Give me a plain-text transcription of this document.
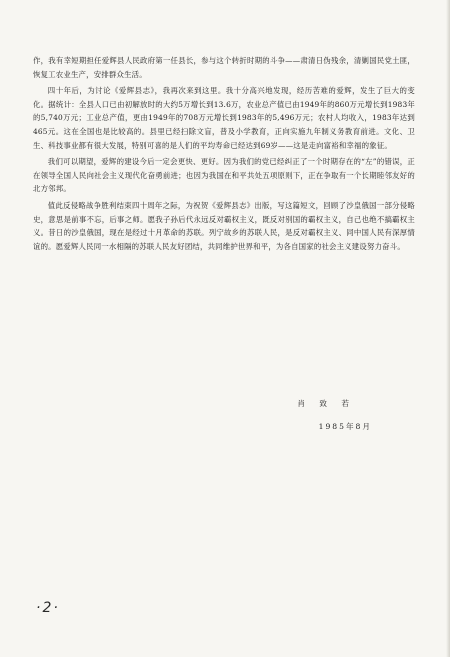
作，我有幸短期担任爱辉县人民政府第一任县长，参与这个转折时期的斗争——肃清日伪残余，清剿国民党土匪，恢复工农业生产，安排群众生活。

四十年后，为讨论《爱辉县志》，我再次来到这里。我十分高兴地发现，经历苦难的爱辉，发生了巨大的变化。据统计：全县人口已由初解放时的大约5万增长到13.6万，农业总产值已由1949年的860万元增长到1983年的5,740万元；工业总产值，更由1949年的708万元增长到1983年的5,496万元；农村人均收入，1983年达到465元。这在全国也是比较高的。县里已经扫除文盲，普及小学教育，正向实施九年制义务教育前进。文化、卫生、科技事业都有很大发展，特别可喜的是人们的平均寿命已经达到69岁——这是走向富裕和幸福的象征。

我们可以期望，爱辉的建设今后一定会更快、更好。因为我们的党已经纠正了一个时期存在的“左”的错误，正在领导全国人民向社会主义现代化奋勇前进；也因为我国在和平共处五项原则下，正在争取有一个长期睦邻友好的北方邻邦。

值此反侵略战争胜利结束四十周年之际，为祝贺《爱辉县志》出版，写这篇短文，回顾了沙皇俄国一部分侵略史，意思是前事不忘，后事之师。愿我子孙后代永远反对霸权主义，既反对别国的霸权主义，自己也绝不搞霸权主义。昔日的沙皇俄国，现在是经过十月革命的苏联。列宁故乡的苏联人民，是反对霸权主义、同中国人民有深厚情谊的。愿爱辉人民同一水相隔的苏联人民友好团结，共同维护世界和平，为各自国家的社会主义建设努力奋斗。

肖 致 若
1985年8月
·2·
